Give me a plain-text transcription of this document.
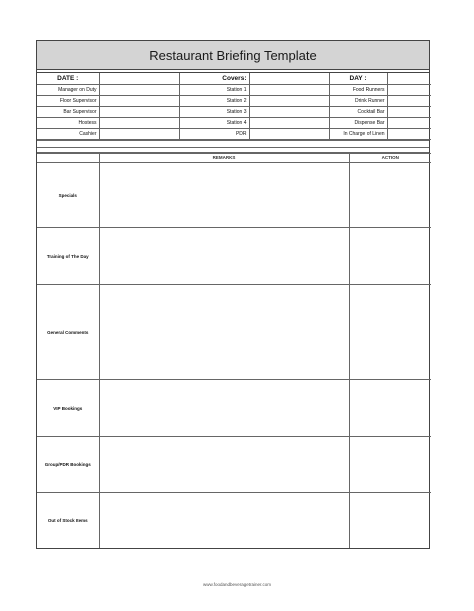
Restaurant Briefing Template
DATE :		Covers:		DAY :	
Manager on Duty		Station 1		Food Runners	
Floor Supervisor		Station 2		Drink Runner	
Bar Supervisor		Station 3		Cocktail Bar	
Hostess		Station 4		Dispense Bar	
Cashier		PDR		In Charge of Linen	
	REMARKS	ACTION
Specials		
Training of The Day		
General Comments		
VIP Bookings		
Group/PDR Bookings		
Out of Stock Items		
www.foodandbeveragetrainer.com
